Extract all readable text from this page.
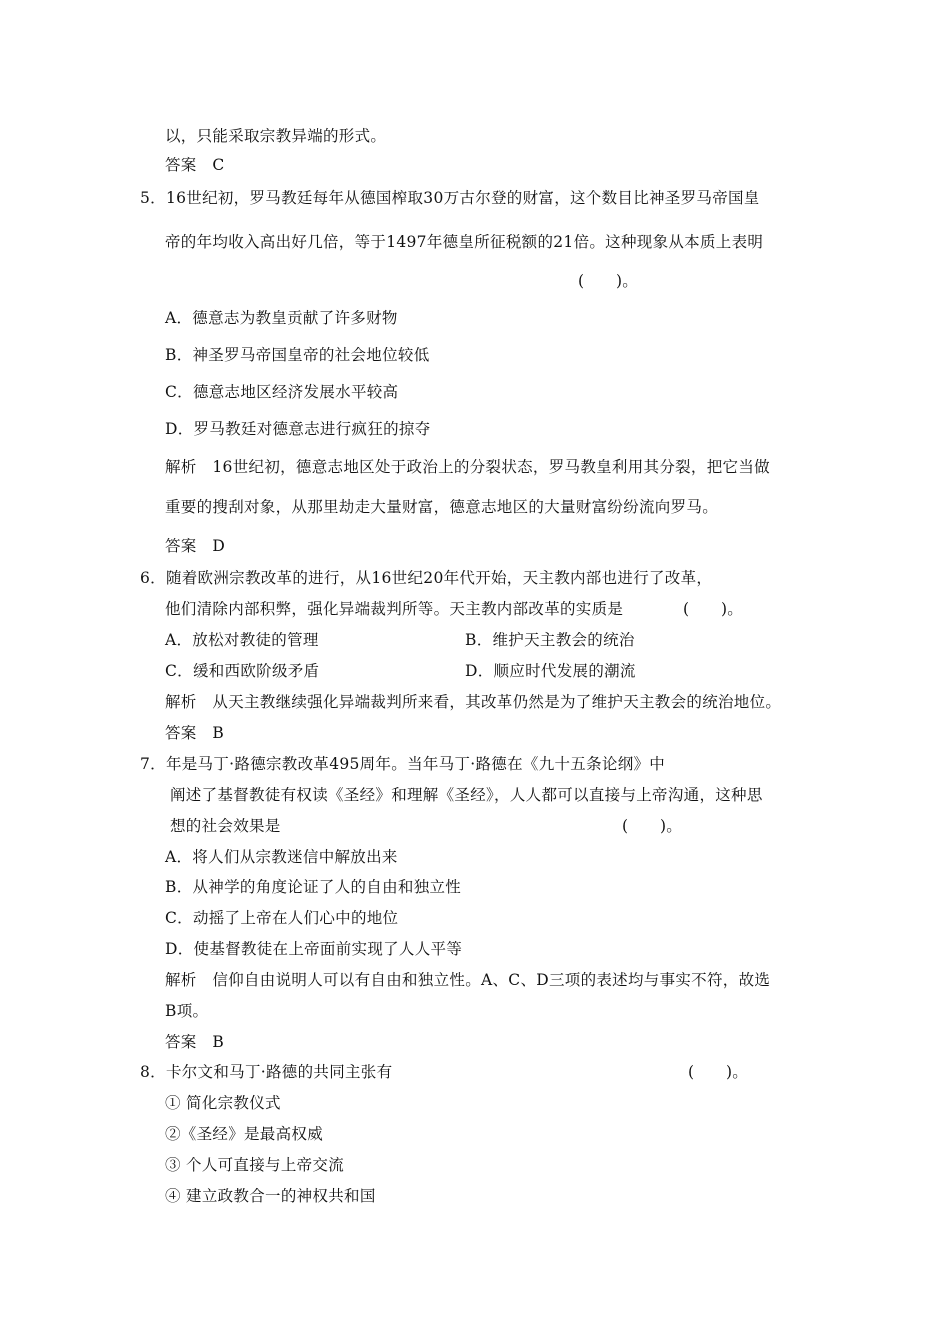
以，只能采取宗教异端的形式。
答案　C
5．16世纪初，罗马教廷每年从德国榨取30万古尔登的财富，这个数目比神圣罗马帝国皇
帝的年均收入高出好几倍，等于1497年德皇所征税额的21倍。这种现象从本质上表明
(　　)。
A．德意志为教皇贡献了许多财物
B．神圣罗马帝国皇帝的社会地位较低
C．德意志地区经济发展水平较高
D．罗马教廷对德意志进行疯狂的掠夺
解析　16世纪初，德意志地区处于政治上的分裂状态，罗马教皇利用其分裂，把它当做
重要的搜刮对象，从那里劫走大量财富，德意志地区的大量财富纷纷流向罗马。
答案　D
6．随着欧洲宗教改革的进行，从16世纪20年代开始，天主教内部也进行了改革，
他们清除内部积弊，强化异端裁判所等。天主教内部改革的实质是	(　　)。
A．放松对教徒的管理	B．维护天主教会的统治
C．缓和西欧阶级矛盾	D．顺应时代发展的潮流
解析　从天主教继续强化异端裁判所来看，其改革仍然是为了维护天主教会的统治地位。
答案　B
7．年是马丁·路德宗教改革495周年。当年马丁·路德在《九十五条论纲》中
阐述了基督教徒有权读《圣经》和理解《圣经》，人人都可以直接与上帝沟通，这种思
想的社会效果是	(　　)。
A．将人们从宗教迷信中解放出来
B．从神学的角度论证了人的自由和独立性
C．动摇了上帝在人们心中的地位
D．使基督教徒在上帝面前实现了人人平等
解析　信仰自由说明人可以有自由和独立性。A、C、D三项的表述均与事实不符，故选
B项。
答案　B
8．卡尔文和马丁·路德的共同主张有	(　　)。
① 简化宗教仪式
②《圣经》是最高权威
③ 个人可直接与上帝交流
④ 建立政教合一的神权共和国
